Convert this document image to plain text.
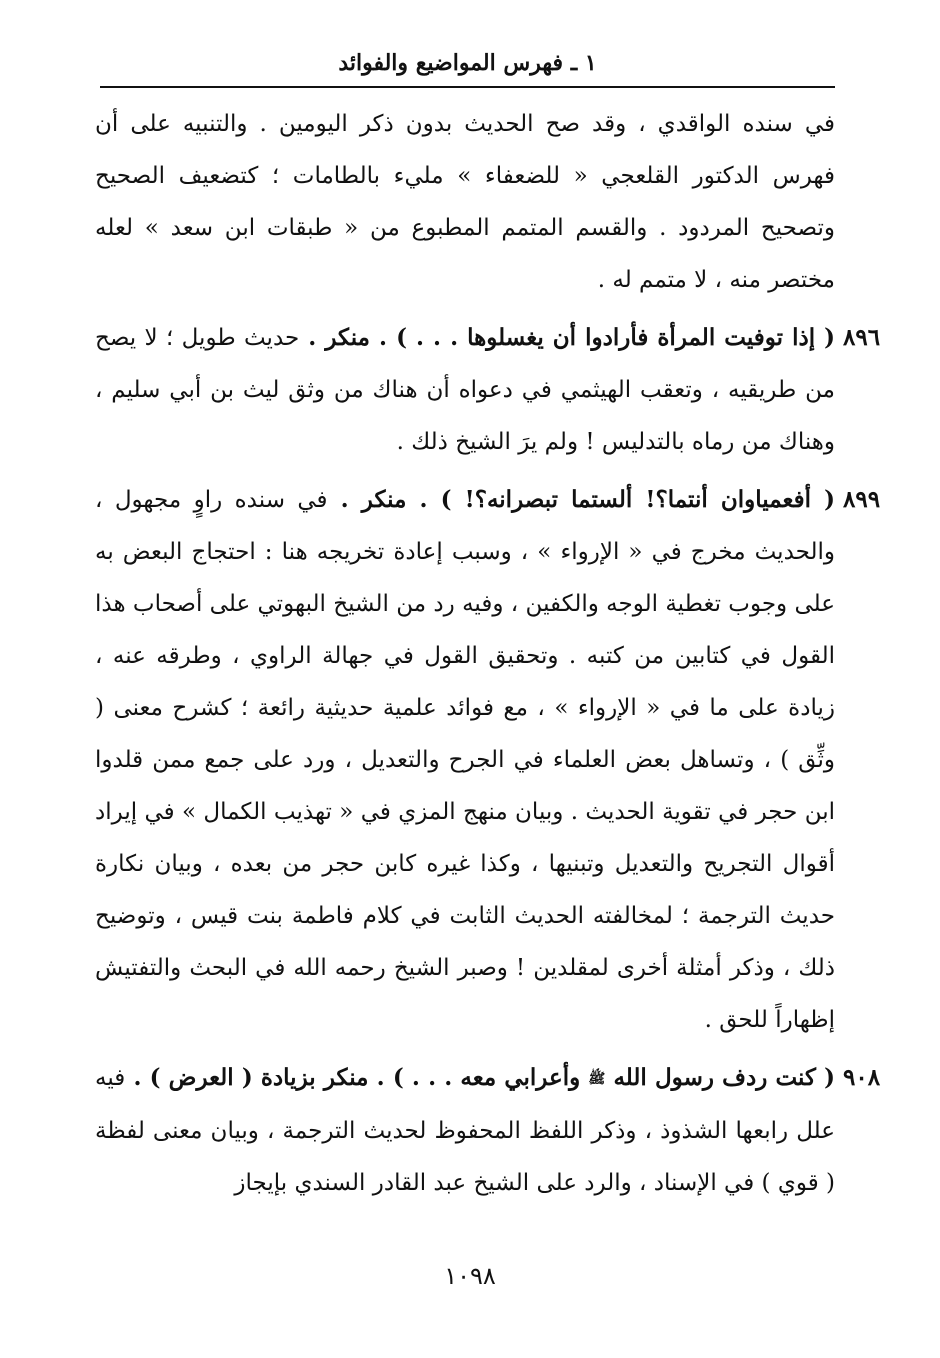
١ ـ فهرس المواضيع والفوائد
في سنده الواقدي ، وقد صح الحديث بدون ذكر اليومين . والتنبيه على أن فهرس الدكتور القلعجي « للضعفاء » مليء بالطامات ؛ كتضعيف الصحيح وتصحيح المردود . والقسم المتمم المطبوع من « طبقات ابن سعد » لعله مختصر منه ، لا متمم له .
٨٩٦
( إذا توفيت المرأة فأرادوا أن يغسلوها . . . ) . منكر . حديث طويل ؛ لا يصح من طريقيه ، وتعقب الهيثمي في دعواه أن هناك من وثق ليث بن أبي سليم ، وهناك من رماه بالتدليس ! ولم يرَ الشيخ ذلك .
٨٩٩
( أفعمياوان أنتما؟! ألستما تبصرانه؟! ) . منكر . في سنده راوٍ مجهول ، والحديث مخرج في « الإرواء » ، وسبب إعادة تخريجه هنا : احتجاج البعض به على وجوب تغطية الوجه والكفين ، وفيه رد من الشيخ البهوتي على أصحاب هذا القول في كتابين من كتبه . وتحقيق القول في جهالة الراوي ، وطرقه عنه ، زيادة على ما في « الإرواء » ، مع فوائد علمية حديثية رائعة ؛ كشرح معنى ( وثِّق ) ، وتساهل بعض العلماء في الجرح والتعديل ، ورد على جمع ممن قلدوا ابن حجر في تقوية الحديث . وبيان منهج المزي في « تهذيب الكمال » في إيراد أقوال التجريح والتعديل وتبنيها ، وكذا غيره كابن حجر من بعده ، وبيان نكارة حديث الترجمة ؛ لمخالفته الحديث الثابت في كلام فاطمة بنت قيس ، وتوضيح ذلك ، وذكر أمثلة أخرى لمقلدين ! وصبر الشيخ رحمه الله في البحث والتفتيش إظهاراً للحق .
٩٠٨
( كنت ردف رسول الله ﷺ وأعرابي معه . . . ) . منكر بزيادة ( العرض ) . فيه علل رابعها الشذوذ ، وذكر اللفظ المحفوظ لحديث الترجمة ، وبيان معنى لفظة ( قوي ) في الإسناد ، والرد على الشيخ عبد القادر السندي بإيجاز
١٠٩٨
